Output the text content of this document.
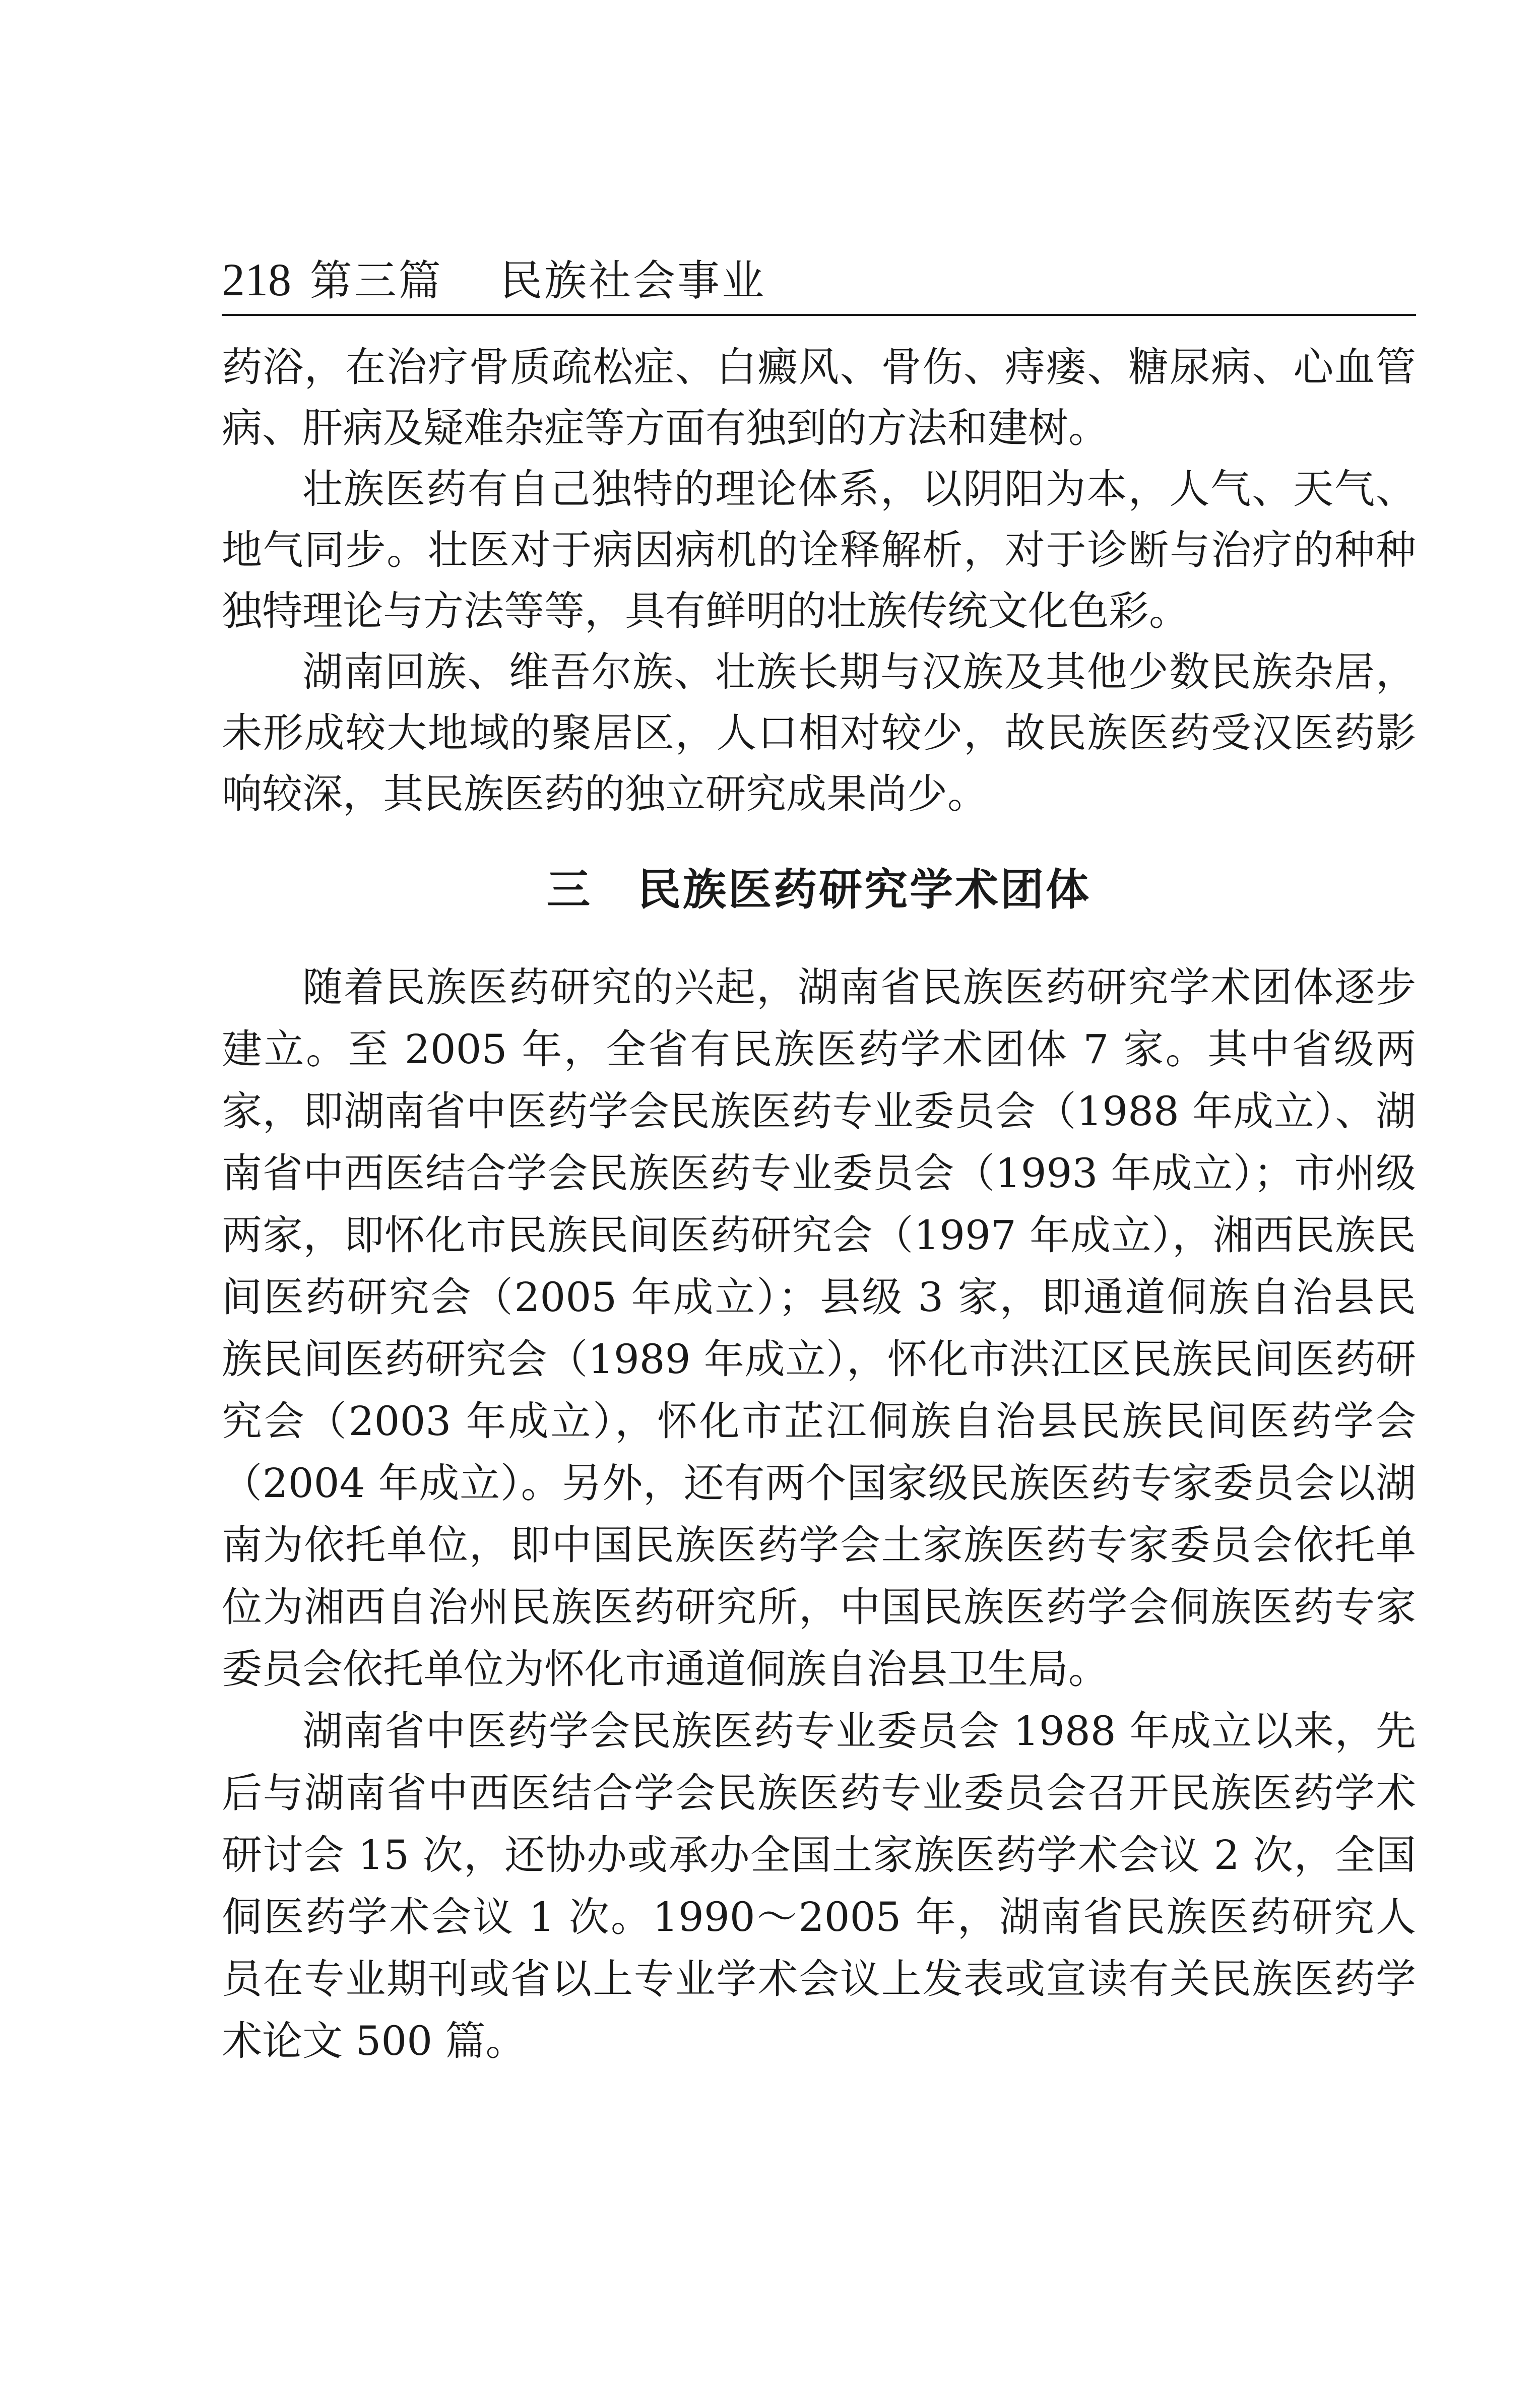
218 第三篇 民族社会事业

药浴，在治疗骨质疏松症、白癜风、骨伤、痔瘘、糖尿病、心血管病、肝病及疑难杂症等方面有独到的方法和建树。

壮族医药有自己独特的理论体系，以阴阳为本，人气、天气、地气同步。壮医对于病因病机的诠释解析，对于诊断与治疗的种种独特理论与方法等等，具有鲜明的壮族传统文化色彩。

湖南回族、维吾尔族、壮族长期与汉族及其他少数民族杂居，未形成较大地域的聚居区，人口相对较少，故民族医药受汉医药影响较深，其民族医药的独立研究成果尚少。

三 民族医药研究学术团体

随着民族医药研究的兴起，湖南省民族医药研究学术团体逐步建立。至 2005 年，全省有民族医药学术团体 7 家。其中省级两家，即湖南省中医药学会民族医药专业委员会（1988 年成立）、湖南省中西医结合学会民族医药专业委员会（1993 年成立）；市州级两家，即怀化市民族民间医药研究会（1997 年成立），湘西民族民间医药研究会（2005 年成立）；县级 3 家，即通道侗族自治县民族民间医药研究会（1989 年成立），怀化市洪江区民族民间医药研究会（2003 年成立），怀化市芷江侗族自治县民族民间医药学会（2004 年成立）。另外，还有两个国家级民族医药专家委员会以湖南为依托单位，即中国民族医药学会土家族医药专家委员会依托单位为湘西自治州民族医药研究所，中国民族医药学会侗族医药专家委员会依托单位为怀化市通道侗族自治县卫生局。

湖南省中医药学会民族医药专业委员会 1988 年成立以来，先后与湖南省中西医结合学会民族医药专业委员会召开民族医药学术研讨会 15 次，还协办或承办全国土家族医药学术会议 2 次，全国侗医药学术会议 1 次。1990～2005 年，湖南省民族医药研究人员在专业期刊或省以上专业学术会议上发表或宣读有关民族医药学术论文 500 篇。
